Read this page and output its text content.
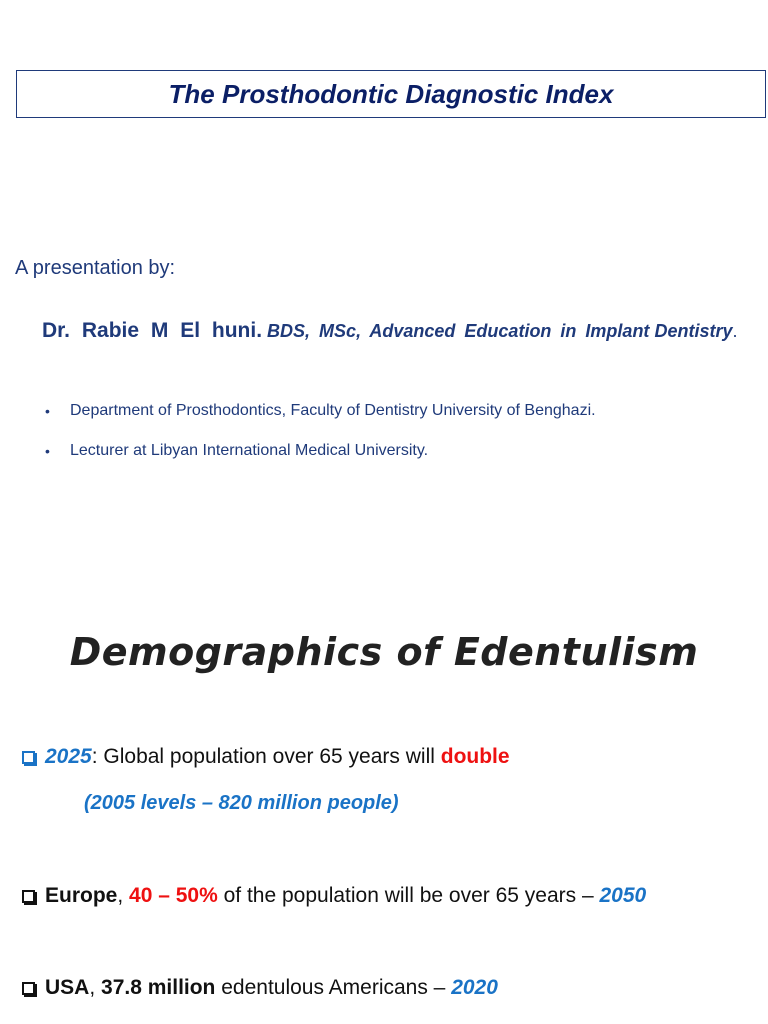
The Prosthodontic Diagnostic Index
A presentation by:
Dr. Rabie M El huni. BDS, MSc, Advanced Education in Implant Dentistry.
•	Department of Prosthodontics, Faculty of Dentistry University of Benghazi.
•	Lecturer at Libyan International Medical University.
Demographics of Edentulism
2025 : Global population over 65 years will double
(2005 levels – 820 million people)
Europe , 40 – 50% of the population will be over 65 years – 2050
USA , 37.8 million edentulous Americans – 2020
